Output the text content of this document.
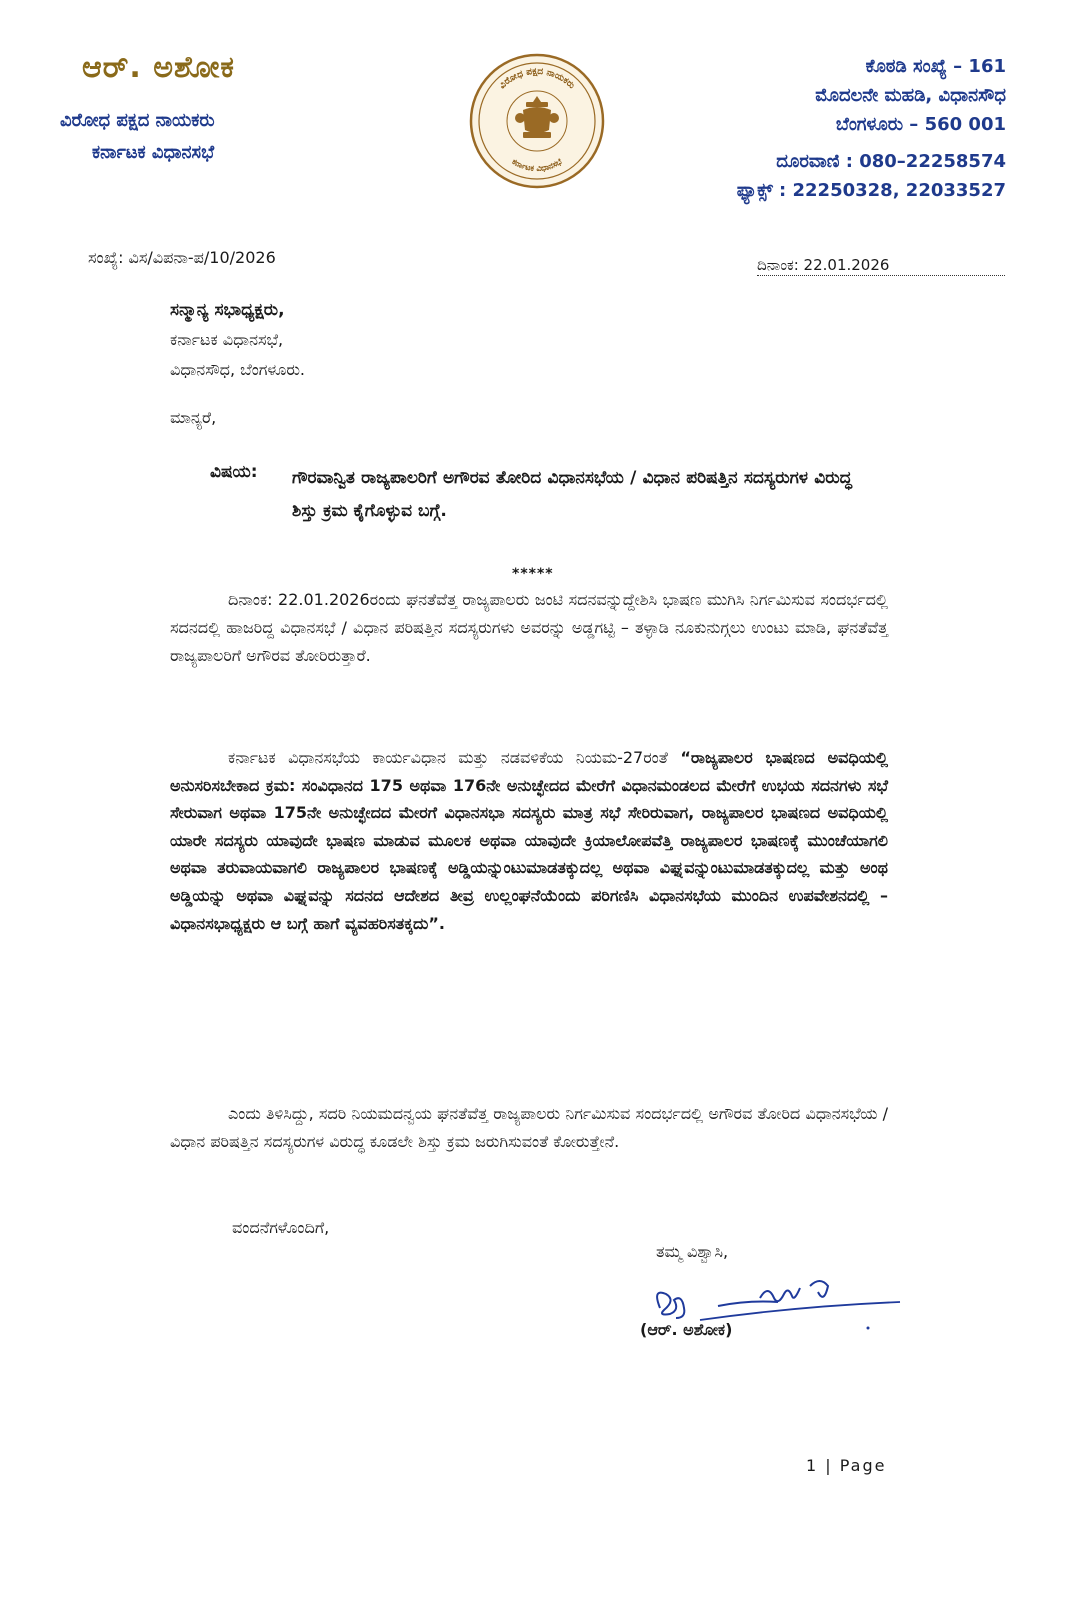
ಆರ್. ಅಶೋಕ
ವಿರೋಧ ಪಕ್ಷದ ನಾಯಕರು
ಕರ್ನಾಟಕ ವಿಧಾನಸಭೆ
ವಿರೋಧ ಪಕ್ಷದ ನಾಯಕರು
ಕರ್ನಾಟಕ ವಿಧಾನಸಭೆ
ಕೊಠಡಿ ಸಂಖ್ಯೆ – 161
ಮೊದಲನೇ ಮಹಡಿ, ವಿಧಾನಸೌಧ
ಬೆಂಗಳೂರು – 560 001
ದೂರವಾಣಿ : 080–22258574
ಫ್ಯಾಕ್ಸ್ : 22250328, 22033527
ಸಂಖ್ಯೆ: ವಿಸ/ವಿಪನಾ-ಪ/10/2026	ದಿನಾಂಕ: 22.01.2026
ಸನ್ಮಾನ್ಯ ಸಭಾಧ್ಯಕ್ಷರು,
ಕರ್ನಾಟಕ ವಿಧಾನಸಭೆ,
ವಿಧಾನಸೌಧ, ಬೆಂಗಳೂರು.
ಮಾನ್ಯರೆ,
ವಿಷಯ: ಗೌರವಾನ್ವಿತ ರಾಜ್ಯಪಾಲರಿಗೆ ಅಗೌರವ ತೋರಿದ ವಿಧಾನಸಭೆಯ / ವಿಧಾನ ಪರಿಷತ್ತಿನ ಸದಸ್ಯರುಗಳ ವಿರುದ್ಧ ಶಿಸ್ತು ಕ್ರಮ ಕೈಗೊಳ್ಳುವ ಬಗ್ಗೆ.
*****
ದಿನಾಂಕ: 22.01.2026ರಂದು ಘನತೆವೆತ್ತ ರಾಜ್ಯಪಾಲರು ಜಂಟಿ ಸದನವನ್ನುದ್ದೇಶಿಸಿ ಭಾಷಣ ಮುಗಿಸಿ ನಿರ್ಗಮಿಸುವ ಸಂದರ್ಭದಲ್ಲಿ ಸದನದಲ್ಲಿ ಹಾಜರಿದ್ದ ವಿಧಾನಸಭೆ / ವಿಧಾನ ಪರಿಷತ್ತಿನ ಸದಸ್ಯರುಗಳು ಅವರನ್ನು ಅಡ್ಡಗಟ್ಟಿ – ತಳ್ಳಾಡಿ ನೂಕುನುಗ್ಗಲು ಉಂಟು ಮಾಡಿ, ಘನತೆವೆತ್ತ ರಾಜ್ಯಪಾಲರಿಗೆ ಅಗೌರವ ತೋರಿರುತ್ತಾರೆ.
ಕರ್ನಾಟಕ ವಿಧಾನಸಭೆಯ ಕಾರ್ಯವಿಧಾನ ಮತ್ತು ನಡವಳಿಕೆಯ ನಿಯಮ-27ರಂತೆ “ರಾಜ್ಯಪಾಲರ ಭಾಷಣದ ಅವಧಿಯಲ್ಲಿ ಅನುಸರಿಸಬೇಕಾದ ಕ್ರಮ: ಸಂವಿಧಾನದ 175 ಅಥವಾ 176ನೇ ಅನುಚ್ಛೇದದ ಮೇರೆಗೆ ವಿಧಾನಮಂಡಲದ ಮೇರೆಗೆ ಉಭಯ ಸದನಗಳು ಸಭೆ ಸೇರುವಾಗ ಅಥವಾ 175ನೇ ಅನುಚ್ಛೇದದ ಮೇರಗೆ ವಿಧಾನಸಭಾ ಸದಸ್ಯರು ಮಾತ್ರ ಸಭೆ ಸೇರಿರುವಾಗ, ರಾಜ್ಯಪಾಲರ ಭಾಷಣದ ಅವಧಿಯಲ್ಲಿ ಯಾರೇ ಸದಸ್ಯರು ಯಾವುದೇ ಭಾಷಣ ಮಾಡುವ ಮೂಲಕ ಅಥವಾ ಯಾವುದೇ ಕ್ರಿಯಾಲೋಪವೆತ್ತಿ ರಾಜ್ಯಪಾಲರ ಭಾಷಣಕ್ಕೆ ಮುಂಚೆಯಾಗಲಿ ಅಥವಾ ತರುವಾಯವಾಗಲಿ ರಾಜ್ಯಪಾಲರ ಭಾಷಣಕ್ಕೆ ಅಡ್ಡಿಯನ್ನುಂಟುಮಾಡತಕ್ಕುದಲ್ಲ ಅಥವಾ ವಿಘ್ನವನ್ನುಂಟುಮಾಡತಕ್ಕುದಲ್ಲ ಮತ್ತು ಅಂಥ ಅಡ್ಡಿಯನ್ನು ಅಥವಾ ವಿಘ್ನವನ್ನು ಸದನದ ಆದೇಶದ ತೀವ್ರ ಉಲ್ಲಂಘನೆಯೆಂದು ಪರಿಗಣಿಸಿ ವಿಧಾನಸಭೆಯ ಮುಂದಿನ ಉಪವೇಶನದಲ್ಲಿ – ವಿಧಾನಸಭಾಧ್ಯಕ್ಷರು ಆ ಬಗ್ಗೆ ಹಾಗೆ ವ್ಯವಹರಿಸತಕ್ಕದು”.
ಎಂದು ತಿಳಿಸಿದ್ದು, ಸದರಿ ನಿಯಮದನ್ವಯ ಘನತೆವೆತ್ತ ರಾಜ್ಯಪಾಲರು ನಿರ್ಗಮಿಸುವ ಸಂದರ್ಭದಲ್ಲಿ ಅಗೌರವ ತೋರಿದ ವಿಧಾನಸಭೆಯ / ವಿಧಾನ ಪರಿಷತ್ತಿನ ಸದಸ್ಯರುಗಳ ವಿರುದ್ಧ ಕೂಡಲೇ ಶಿಸ್ತು ಕ್ರಮ ಜರುಗಿಸುವಂತೆ ಕೋರುತ್ತೇನೆ.
ವಂದನೆಗಳೊಂದಿಗೆ,
ತಮ್ಮ ವಿಶ್ವಾಸಿ,
(ಆರ್. ಅಶೋಕ)
1 | Page
